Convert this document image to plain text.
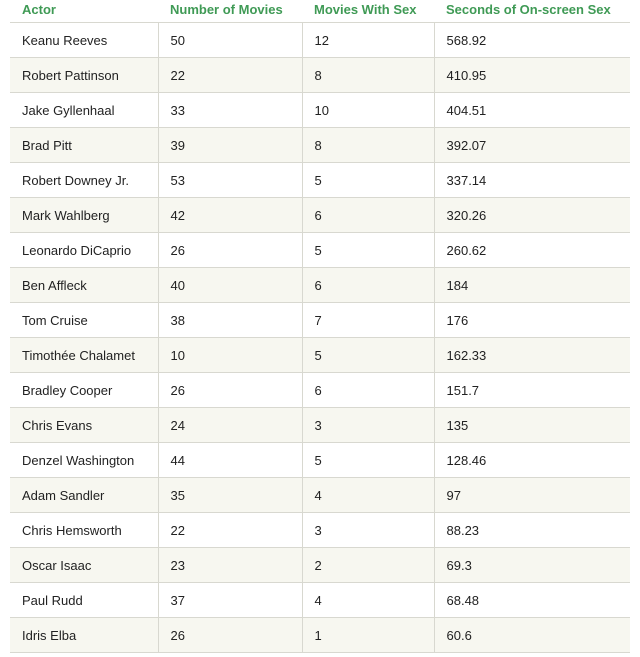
Actor	Number of Movies	Movies With Sex	Seconds of On-screen Sex
Keanu Reeves	50	12	568.92
Robert Pattinson	22	8	410.95
Jake Gyllenhaal	33	10	404.51
Brad Pitt	39	8	392.07
Robert Downey Jr.	53	5	337.14
Mark Wahlberg	42	6	320.26
Leonardo DiCaprio	26	5	260.62
Ben Affleck	40	6	184
Tom Cruise	38	7	176
Timothée Chalamet	10	5	162.33
Bradley Cooper	26	6	151.7
Chris Evans	24	3	135
Denzel Washington	44	5	128.46
Adam Sandler	35	4	97
Chris Hemsworth	22	3	88.23
Oscar Isaac	23	2	69.3
Paul Rudd	37	4	68.48
Idris Elba	26	1	60.6
